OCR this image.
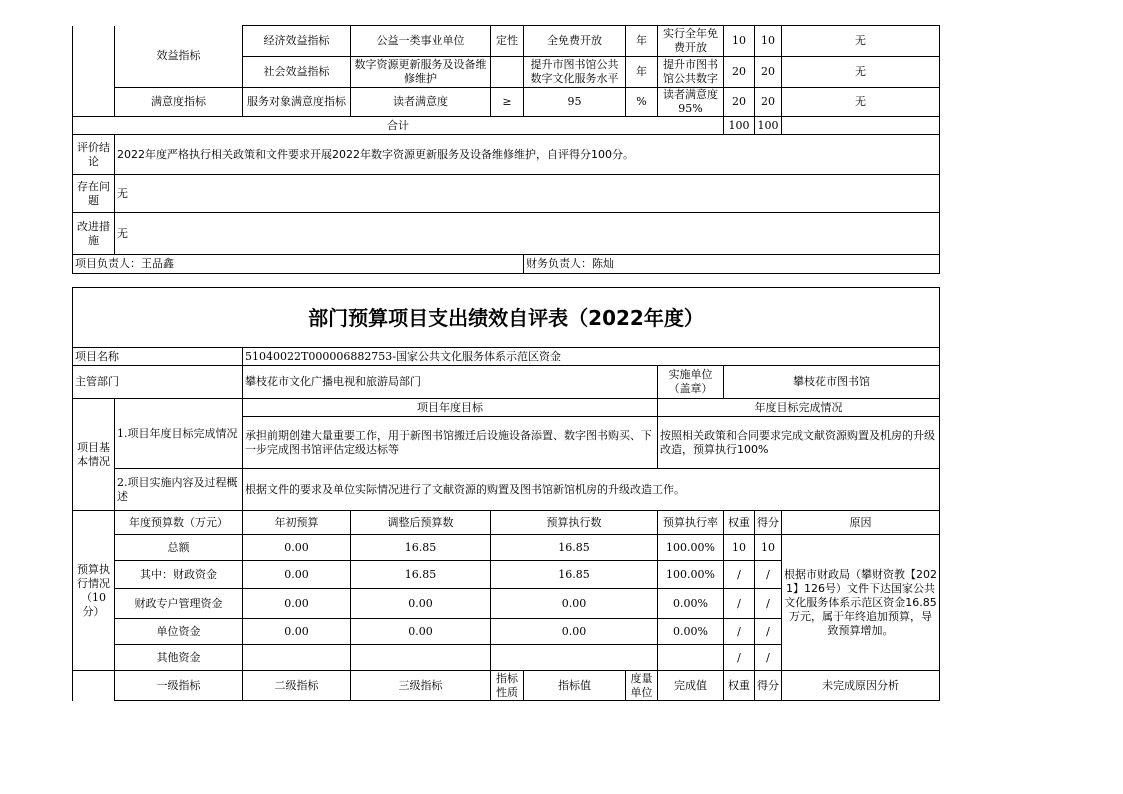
	效益指标	经济效益指标	公益一类事业单位	定性	全免费开放	年	实行全年免费开放	10	10	无
		社会效益指标	数字资源更新服务及设备维修维护		提升市图书馆公共数字文化服务水平	年	提升市图书馆公共数字	20	20	无
	满意度指标	服务对象满意度指标	读者满意度	≥	95	%	读者满意度95%	20	20	无
合计								100	100	
评价结论	2022年度严格执行相关政策和文件要求开展2022年数字资源更新服务及设备维修维护，自评得分100分。									
存在问题	无									
改进措施	无									
项目负责人：王品鑫					财务负责人：陈灿					
部门预算项目支出绩效自评表（2022年度）										
项目名称		51040022T000006882753-国家公共文化服务体系示范区资金								
主管部门		攀枝花市文化广播电视和旅游局部门					实施单位（盖章）	攀枝花市图书馆		
项目基本情况	1.项目年度目标完成情况	项目年度目标					年度目标完成情况			
		承担前期创建大量重要工作，用于新图书馆搬迁后设施设备添置、数字图书购买、下一步完成图书馆评估定级达标等					按照相关政策和合同要求完成文献资源购置及机房的升级改造，预算执行100%			
	2.项目实施内容及过程概述	根据文件的要求及单位实际情况进行了文献资源的购置及图书馆新馆机房的升级改造工作。								
预算执行情况（10分）	年度预算数（万元）	年初预算	调整后预算数	预算执行数			预算执行率	权重	得分	原因
	总额	0.00	16.85	16.85			100.00%	10	10	根据市财政局（攀财资教【2021】126号）文件下达国家公共文化服务体系示范区资金16.85万元，属于年终追加预算，导致预算增加。
	其中：财政资金	0.00	16.85	16.85			100.00%	/	/	
	财政专户管理资金	0.00	0.00	0.00			0.00%	/	/	
	单位资金	0.00	0.00	0.00			0.00%	/	/	
	其他资金							/	/	
	一级指标	二级指标	三级指标	指标性质	指标值	度量单位	完成值	权重	得分	未完成原因分析
